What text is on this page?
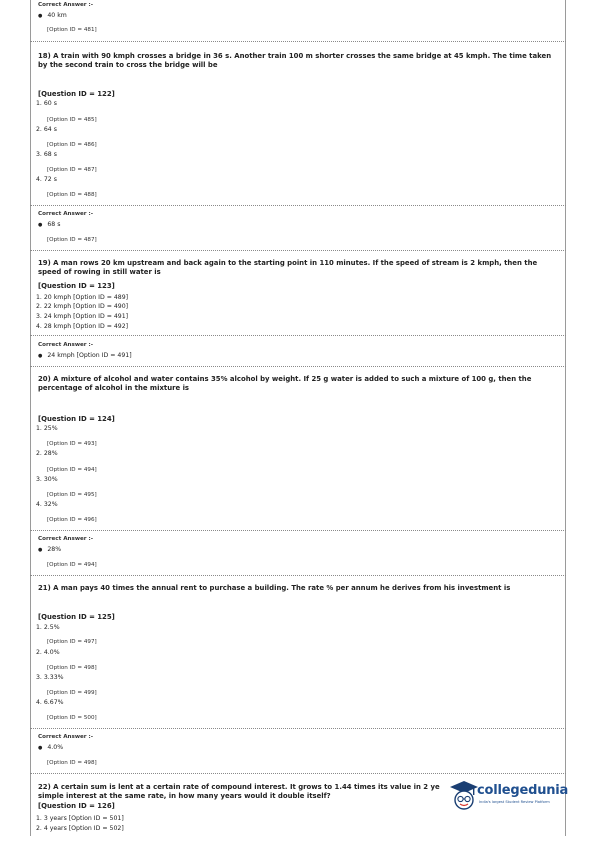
Correct Answer :-
● 40 km
[Option ID = 481]
18) A train with 90 kmph crosses a bridge in 36 s. Another train 100 m shorter crosses the same bridge at 45 kmph. The time taken by the second train to cross the bridge will be
[Question ID = 122]
1. 60 s
[Option ID = 485]
2. 64 s
[Option ID = 486]
3. 68 s
[Option ID = 487]
4. 72 s
[Option ID = 488]
Correct Answer :-
● 68 s
[Option ID = 487]
19) A man rows 20 km upstream and back again to the starting point in 110 minutes. If the speed of stream is 2 kmph, then the speed of rowing in still water is
[Question ID = 123]
1. 20 kmph [Option ID = 489]
2. 22 kmph [Option ID = 490]
3. 24 kmph [Option ID = 491]
4. 28 kmph [Option ID = 492]
Correct Answer :-
● 24 kmph [Option ID = 491]
20) A mixture of alcohol and water contains 35% alcohol by weight. If 25 g water is added to such a mixture of 100 g, then the percentage of alcohol in the mixture is
[Question ID = 124]
1. 25%
[Option ID = 493]
2. 28%
[Option ID = 494]
3. 30%
[Option ID = 495]
4. 32%
[Option ID = 496]
Correct Answer :-
● 28%
[Option ID = 494]
21) A man pays 40 times the annual rent to purchase a building. The rate % per annum he derives from his investment is
[Question ID = 125]
1. 2.5%
[Option ID = 497]
2. 4.0%
[Option ID = 498]
3. 3.33%
[Option ID = 499]
4. 6.67%
[Option ID = 500]
Correct Answer :-
● 4.0%
[Option ID = 498]
22) A certain sum is lent at a certain rate of compound interest. It grows to 1.44 times its value in 2 ye
simple interest at the same rate, in how many years would it double itself?
[Question ID = 126]
1. 3 years [Option ID = 501]
2. 4 years [Option ID = 502]
collegedunia
India's largest Student Review Platform
